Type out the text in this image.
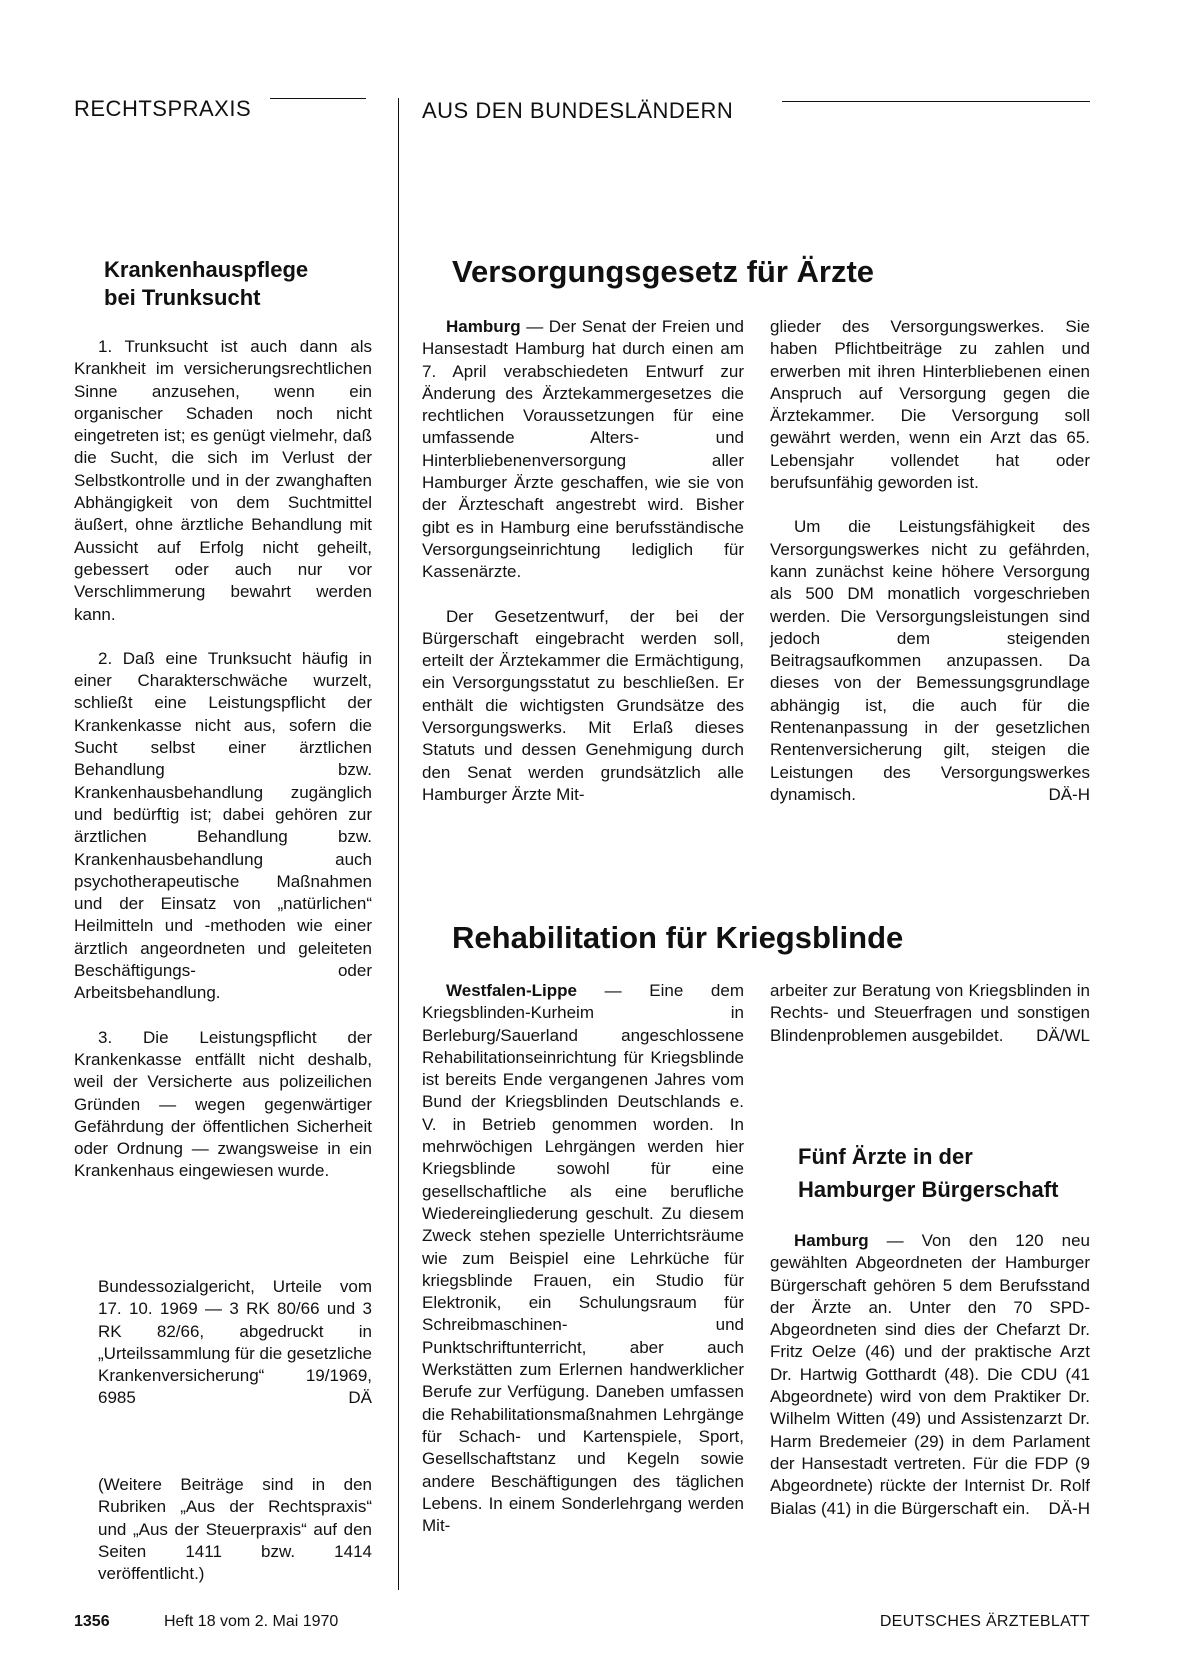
RECHTSPRAXIS	AUS DEN BUNDESLÄNDERN
Krankenhauspflege
bei Trunksucht

1. Trunksucht ist auch dann als Krankheit im versicherungsrechtlichen Sinne anzusehen, wenn ein organischer Schaden noch nicht eingetreten ist; es genügt vielmehr, daß die Sucht, die sich im Verlust der Selbstkontrolle und in der zwanghaften Abhängigkeit von dem Suchtmittel äußert, ohne ärztliche Behandlung mit Aussicht auf Erfolg nicht geheilt, gebessert oder auch nur vor Verschlimmerung bewahrt werden kann.

2. Daß eine Trunksucht häufig in einer Charakterschwäche wurzelt, schließt eine Leistungspflicht der Krankenkasse nicht aus, sofern die Sucht selbst einer ärztlichen Behandlung bzw. Krankenhausbehandlung zugänglich und bedürftig ist; dabei gehören zur ärztlichen Behandlung bzw. Krankenhausbehandlung auch psychotherapeutische Maßnahmen und der Einsatz von „natürlichen“ Heilmitteln und -methoden wie einer ärztlich angeordneten und geleiteten Beschäftigungs- oder Arbeitsbehandlung.

3. Die Leistungspflicht der Krankenkasse entfällt nicht deshalb, weil der Versicherte aus polizeilichen Gründen — wegen gegenwärtiger Gefährdung der öffentlichen Sicherheit oder Ordnung — zwangsweise in ein Krankenhaus eingewiesen wurde.

Bundessozialgericht, Urteile vom 17. 10. 1969 — 3 RK 80/66 und 3 RK 82/66, abgedruckt in „Urteilssammlung für die gesetzliche Krankenversicherung“ 19/1969, 6985	DÄ
(Weitere Beiträge sind in den Rubriken „Aus der Rechtspraxis“ und „Aus der Steuerpraxis“ auf den Seiten 1411 bzw. 1414 veröffentlicht.)
Versorgungsgesetz für Ärzte

Hamburg — Der Senat der Freien und Hansestadt Hamburg hat durch einen am 7. April verabschiedeten Entwurf zur Änderung des Ärztekammergesetzes die rechtlichen Voraussetzungen für eine umfassende Alters- und Hinterbliebenenversorgung aller Hamburger Ärzte geschaffen, wie sie von der Ärzteschaft angestrebt wird. Bisher gibt es in Hamburg eine berufsständische Versorgungseinrichtung lediglich für Kassenärzte.

Der Gesetzentwurf, der bei der Bürgerschaft eingebracht werden soll, erteilt der Ärztekammer die Ermächtigung, ein Versorgungsstatut zu beschließen. Er enthält die wichtigsten Grundsätze des Versorgungswerks. Mit Erlaß dieses Statuts und dessen Genehmigung durch den Senat werden grundsätzlich alle Hamburger Ärzte Mit-

glieder des Versorgungswerkes. Sie haben Pflichtbeiträge zu zahlen und erwerben mit ihren Hinterbliebenen einen Anspruch auf Versorgung gegen die Ärztekammer. Die Versorgung soll gewährt werden, wenn ein Arzt das 65. Lebensjahr vollendet hat oder berufsunfähig geworden ist.

Um die Leistungsfähigkeit des Versorgungswerkes nicht zu gefährden, kann zunächst keine höhere Versorgung als 500 DM monatlich vorgeschrieben werden. Die Versorgungsleistungen sind jedoch dem steigenden Beitragsaufkommen anzupassen. Da dieses von der Bemessungsgrundlage abhängig ist, die auch für die Rentenanpassung in der gesetzlichen Rentenversicherung gilt, steigen die Leistungen des Versorgungswerkes dynamisch.	DÄ-H
Rehabilitation für Kriegsblinde

Westfalen-Lippe — Eine dem Kriegsblinden-Kurheim in Berleburg/Sauerland angeschlossene Rehabilitationseinrichtung für Kriegsblinde ist bereits Ende vergangenen Jahres vom Bund der Kriegsblinden Deutschlands e. V. in Betrieb genommen worden. In mehrwöchigen Lehrgängen werden hier Kriegsblinde sowohl für eine gesellschaftliche als eine berufliche Wiedereingliederung geschult. Zu diesem Zweck stehen spezielle Unterrichtsräume wie zum Beispiel eine Lehrküche für kriegsblinde Frauen, ein Studio für Elektronik, ein Schulungsraum für Schreibmaschinen- und Punktschriftunterricht, aber auch Werkstätten zum Erlernen handwerklicher Berufe zur Verfügung. Daneben umfassen die Rehabilitationsmaßnahmen Lehrgänge für Schach- und Kartenspiele, Sport, Gesellschaftstanz und Kegeln sowie andere Beschäftigungen des täglichen Lebens. In einem Sonderlehrgang werden Mit-

arbeiter zur Beratung von Kriegsblinden in Rechts- und Steuerfragen und sonstigen Blindenproblemen ausgebildet.	DÄ/WL
Fünf Ärzte in der
Hamburger Bürgerschaft

Hamburg — Von den 120 neu gewählten Abgeordneten der Hamburger Bürgerschaft gehören 5 dem Berufsstand der Ärzte an. Unter den 70 SPD-Abgeordneten sind dies der Chefarzt Dr. Fritz Oelze (46) und der praktische Arzt Dr. Hartwig Gotthardt (48). Die CDU (41 Abgeordnete) wird von dem Praktiker Dr. Wilhelm Witten (49) und Assistenzarzt Dr. Harm Bredemeier (29) in dem Parlament der Hansestadt vertreten. Für die FDP (9 Abgeordnete) rückte der Internist Dr. Rolf Bialas (41) in die Bürgerschaft ein.	DÄ-H
1356	Heft 18 vom 2. Mai 1970	DEUTSCHES ÄRZTEBLATT
